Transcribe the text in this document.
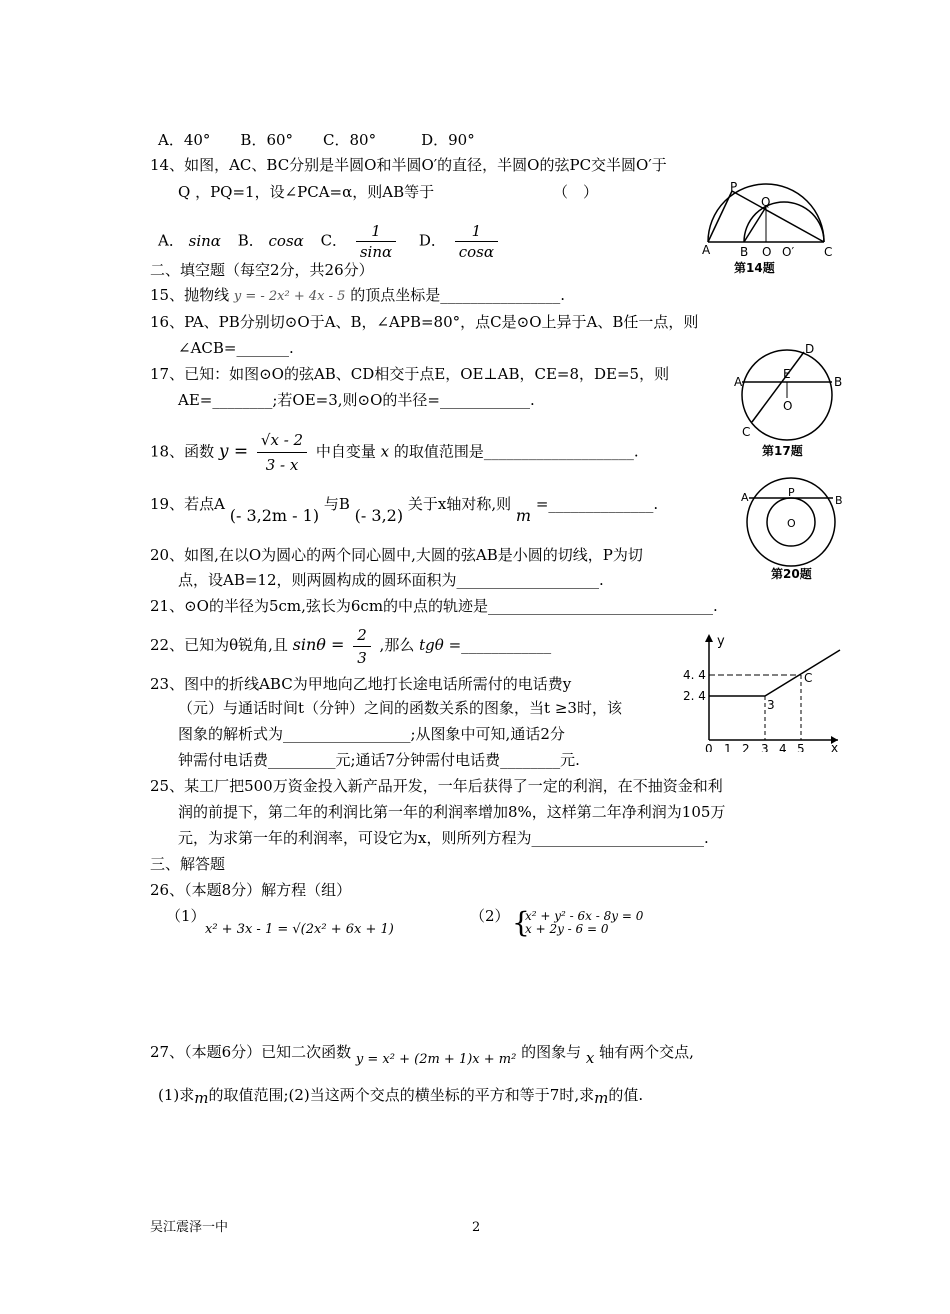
A．40°　　B．60°　　C．80°　　　D．90°
14、如图，AC、BC分别是半圆O和半圆O′的直径，半圆O的弦PC交半圆O′于
Q ，PQ=1，设∠PCA=α，则AB等于	（　）
A． sinα B． cosα C． $\frac{1}{\sin\alpha}$ D． $\frac{1}{\cos\alpha}$
P
Q
A B O O′ C
第14题
二、填空题（每空2分，共26分）
15、抛物线 y = - 2x² + 4x - 5 的顶点坐标是________________.
16、PA、PB分别切⊙O于A、B，∠APB=80°，点C是⊙O上异于A、B任一点，则
∠ACB=_______.
17、已知：如图⊙O的弦AB、CD相交于点E，OE⊥AB，CE=8，DE=5，则
AE=________;若OE=3,则⊙O的半径=____________.
D
A
E
B
O
C
第17题
18、函数 $y = \frac{√x - 2}{3 - x}$ 中自变量 x 的取值范围是____________________.
19、若点A (- 3,2m - 1) 与B (- 3,2) 关于x轴对称,则 m =______________.	A	P
B
O
第20题
20、如图,在以O为圆心的两个同心圆中,大圆的弦AB是小圆的切线，P为切
点，设AB=12，则两圆构成的圆环面积为___________________.
21、⊙O的半径为5cm,弦长为6cm的中点的轨迹是______________________________.
22、已知为θ锐角,且 $\sin\theta = \frac{2}{3}$ ,那么 tgθ =____________	y
x
4. 4
2. 4
0 1 2 3 4 5
3
C
23、图中的折线ABC为甲地向乙地打长途电话所需付的电话费y
（元）与通话时间t（分钟）之间的函数关系的图象，当t ≥3时，该
图象的解析式为_________________;从图象中可知,通话2分
钟需付电话费_________元;通话7分钟需付电话费________元.
25、某工厂把500万资金投入新产品开发，一年后获得了一定的利润，在不抽资金和利
润的前提下，第二年的利润比第一年的利润率增加8%，这样第二年净利润为105万
元，为求第一年的利润率，可设它为x，则所列方程为_______________________.
三、解答题
26、（本题8分）解方程（组）
（1）
x² + 3x - 1 = √(2x² + 6x + 1)
（2） {
x² + y² - 6x - 8y = 0
x + 2y - 6 = 0
27、（本题6分）已知二次函数 y = x² + (2m + 1)x + m² 的图象与 x 轴有两个交点,
(1)求m的取值范围;(2)当这两个交点的横坐标的平方和等于7时,求m的值.
吴江震泽一中	2
